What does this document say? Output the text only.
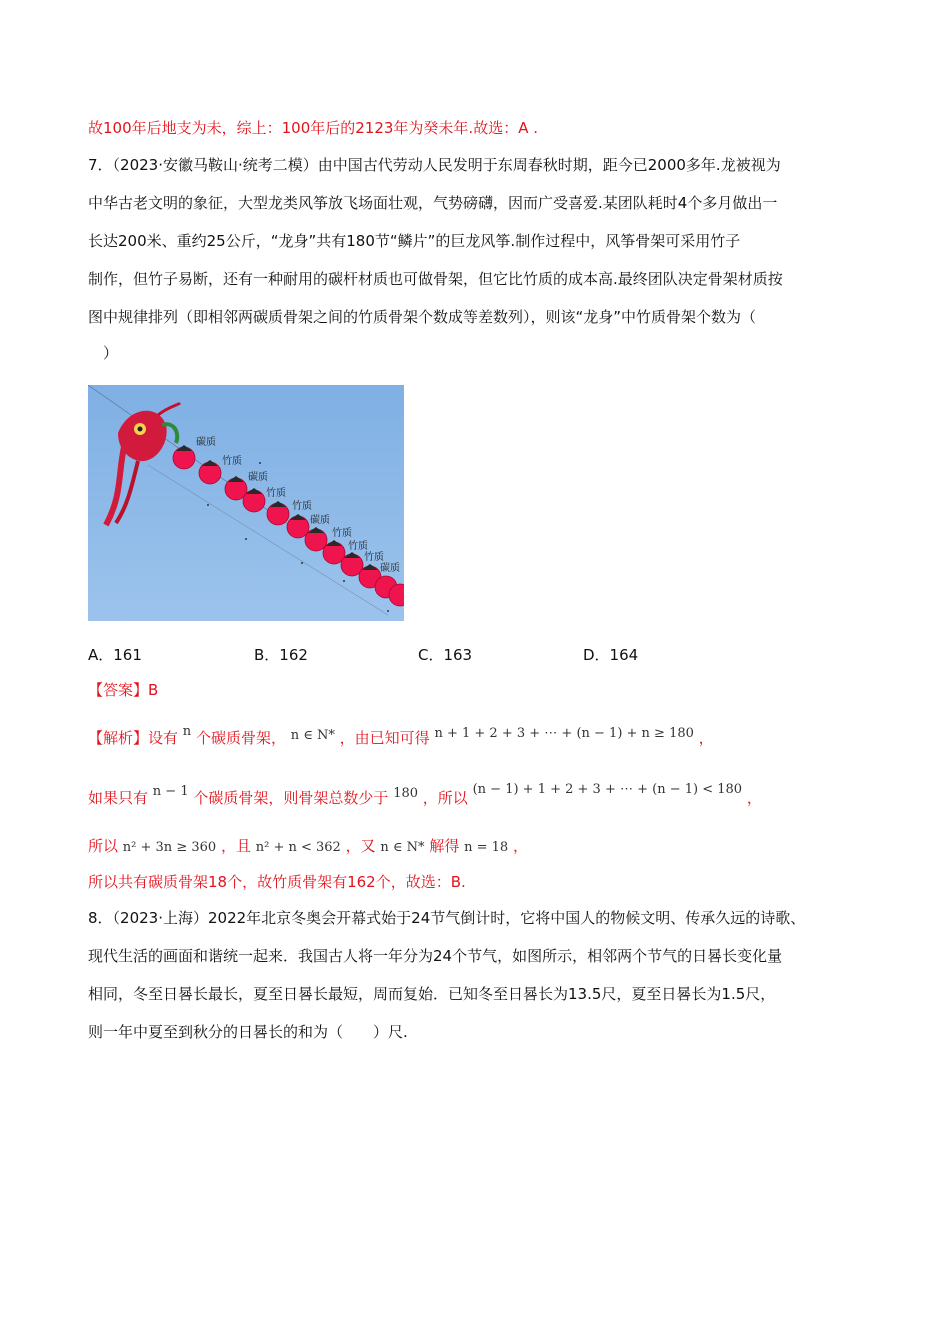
故100年后地支为未，综上：100年后的2123年为癸未年.故选：A .
7．（2023·安徽马鞍山·统考二模）由中国古代劳动人民发明于东周春秋时期，距今已2000多年.龙被视为
中华古老文明的象征，大型龙类风筝放飞场面壮观，气势磅礴，因而广受喜爱.某团队耗时4个多月做出一
长达200米、重约25公斤，“龙身”共有180节“鳞片”的巨龙风筝.制作过程中，风筝骨架可采用竹子
制作，但竹子易断，还有一种耐用的碳杆材质也可做骨架，但它比竹质的成本高.最终团队决定骨架材质按
图中规律排列（即相邻两碳质骨架之间的竹质骨架个数成等差数列），则该“龙身”中竹质骨架个数为（
　）
碳质
竹质
碳质
竹质
竹质
碳质
竹质
竹质
竹质
碳质
A．161	B．162	C．163	D．164
【答案】B
【解析】设有 n 个碳质骨架， n ∈ N* ，由已知可得 n + 1 + 2 + 3 + ⋯ + (n − 1) + n ≥ 180 ，
如果只有 n − 1 个碳质骨架，则骨架总数少于 180 ，所以 (n − 1) + 1 + 2 + 3 + ⋯ + (n − 1) < 180 ，
所以 n² + 3n ≥ 360 ，且 n² + n < 362 ，又 n ∈ N* 解得 n = 18 ，
所以共有碳质骨架18个，故竹质骨架有162个，故选：B.
8．（2023·上海）2022年北京冬奥会开幕式始于24节气倒计时，它将中国人的物候文明、传承久远的诗歌、
现代生活的画面和谐统一起来．我国古人将一年分为24个节气，如图所示，相邻两个节气的日晷长变化量
相同，冬至日晷长最长，夏至日晷长最短，周而复始．已知冬至日晷长为13.5尺，夏至日晷长为1.5尺，
则一年中夏至到秋分的日晷长的和为（　　）尺.
